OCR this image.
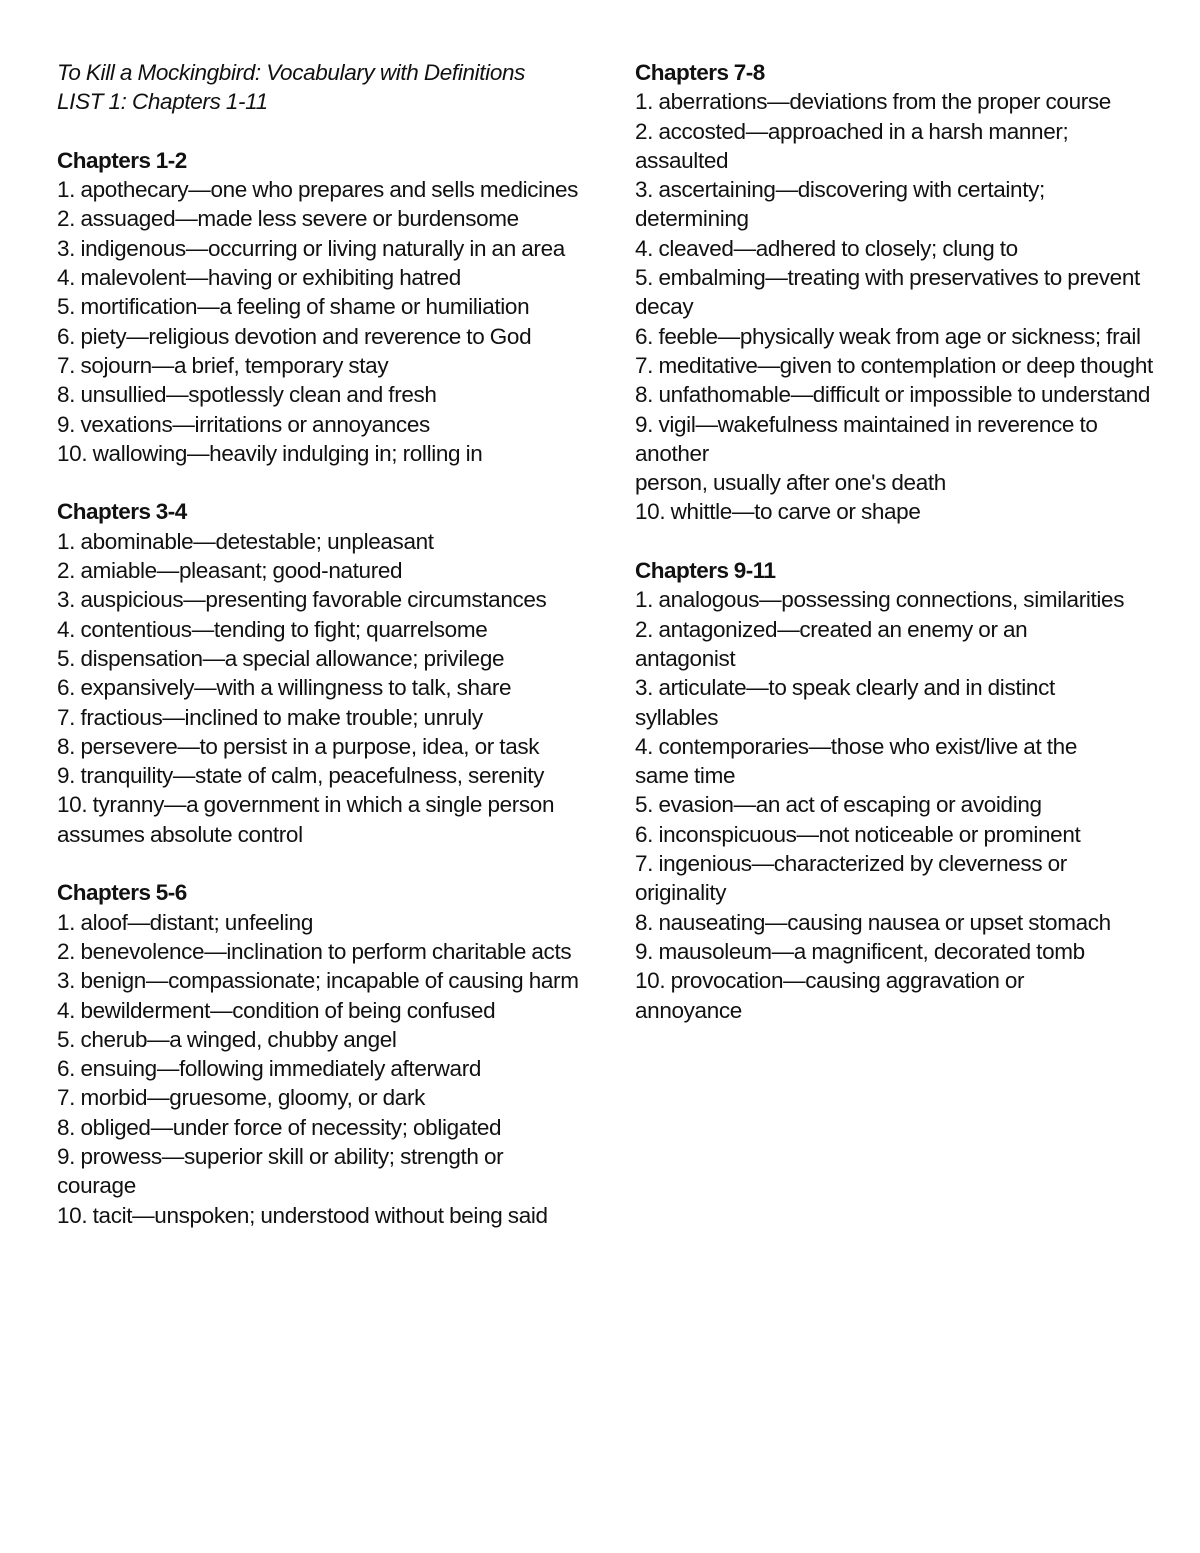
To Kill a Mockingbird: Vocabulary with Definitions
LIST 1: Chapters 1-11
Chapters 1-2
1. apothecary—one who prepares and sells medicines
2. assuaged—made less severe or burdensome
3. indigenous—occurring or living naturally in an area
4. malevolent—having or exhibiting hatred
5. mortification—a feeling of shame or humiliation
6. piety—religious devotion and reverence to God
7. sojourn—a brief, temporary stay
8. unsullied—spotlessly clean and fresh
9. vexations—irritations or annoyances
10. wallowing—heavily indulging in; rolling in
Chapters 3-4
1. abominable—detestable; unpleasant
2. amiable—pleasant; good-natured
3. auspicious—presenting favorable circumstances
4. contentious—tending to fight; quarrelsome
5. dispensation—a special allowance; privilege
6. expansively—with a willingness to talk, share
7. fractious—inclined to make trouble; unruly
8. persevere—to persist in a purpose, idea, or task
9. tranquility—state of calm, peacefulness, serenity
10. tyranny—a government in which a single person
assumes absolute control
Chapters 5-6
1. aloof—distant; unfeeling
2. benevolence—inclination to perform charitable acts
3. benign—compassionate; incapable of causing harm
4. bewilderment—condition of being confused
5. cherub—a winged, chubby angel
6. ensuing—following immediately afterward
7. morbid—gruesome, gloomy, or dark
8. obliged—under force of necessity; obligated
9. prowess—superior skill or ability; strength or
courage
10. tacit—unspoken; understood without being said
Chapters 7-8
1. aberrations—deviations from the proper course
2. accosted—approached in a harsh manner;
assaulted
3. ascertaining—discovering with certainty;
determining
4. cleaved—adhered to closely; clung to
5. embalming—treating with preservatives to prevent
decay
6. feeble—physically weak from age or sickness; frail
7. meditative—given to contemplation or deep thought
8. unfathomable—difficult or impossible to understand
9. vigil—wakefulness maintained in reverence to
another
person, usually after one's death
10. whittle—to carve or shape
Chapters 9-11
1. analogous—possessing connections, similarities
2. antagonized—created an enemy or an
antagonist
3. articulate—to speak clearly and in distinct
syllables
4. contemporaries—those who exist/live at the
same time
5. evasion—an act of escaping or avoiding
6. inconspicuous—not noticeable or prominent
7. ingenious—characterized by cleverness or
originality
8. nauseating—causing nausea or upset stomach
9. mausoleum—a magnificent, decorated tomb
10. provocation—causing aggravation or
annoyance
